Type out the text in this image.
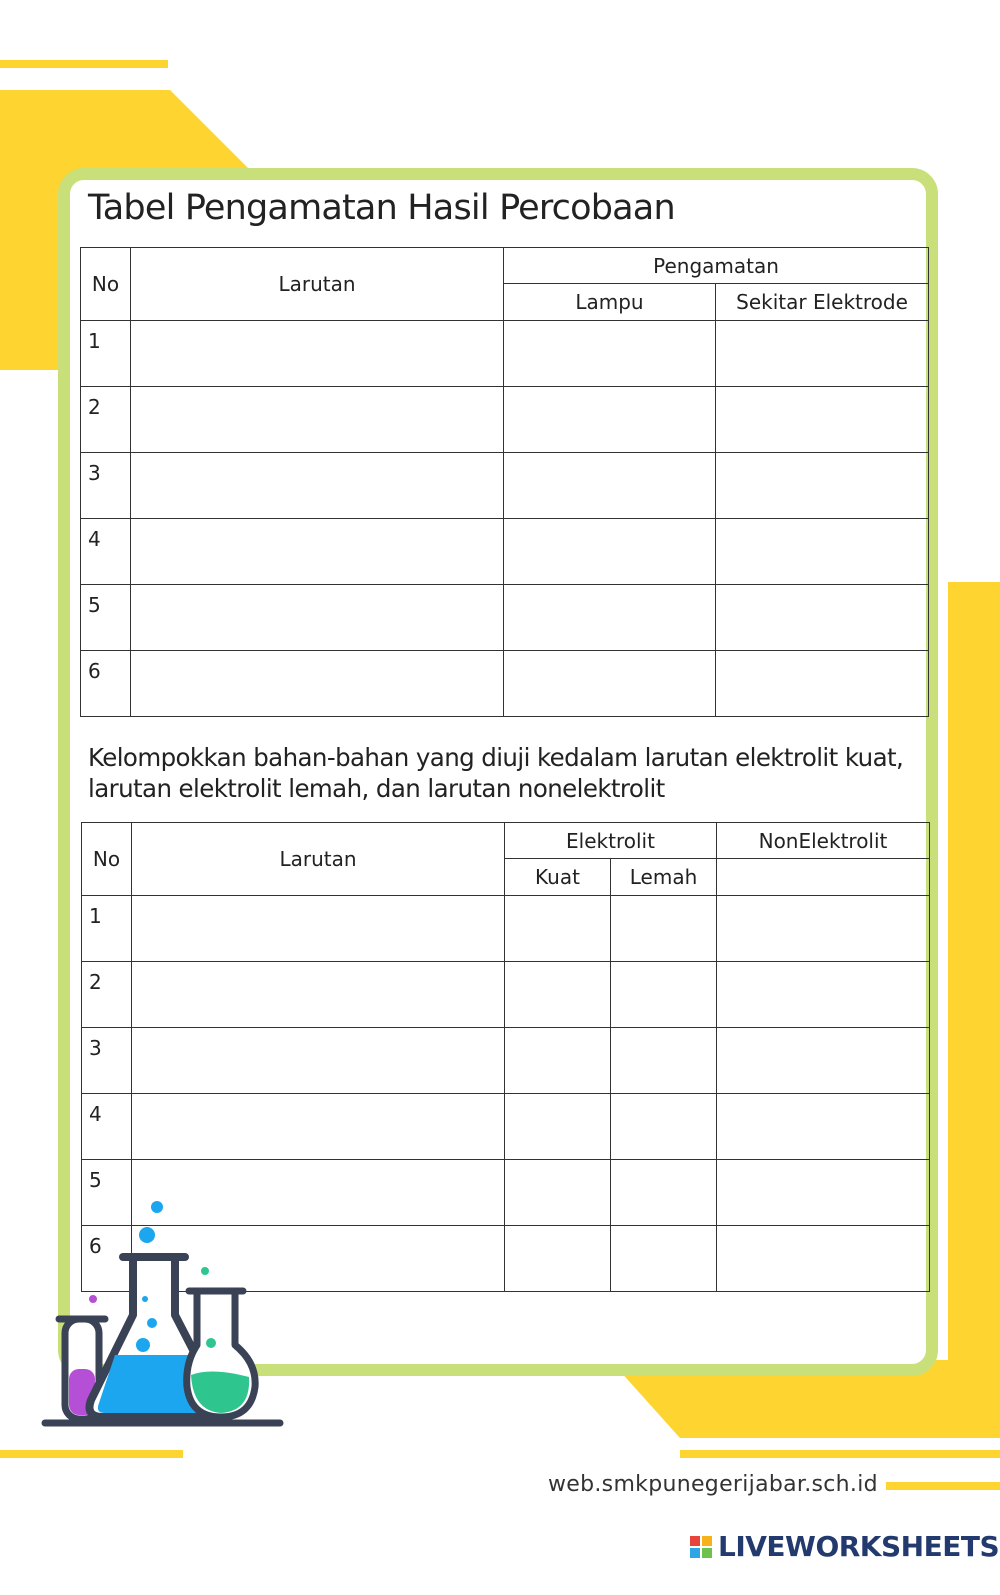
Tabel Pengamatan Hasil Percobaan
No	Larutan	Pengamatan	
		Lampu	Sekitar Elektrode
1			
2			
3			
4			
5			
6			
Kelompokkan bahan-bahan yang diuji kedalam larutan elektrolit kuat, larutan elektrolit lemah, dan larutan nonelektrolit
No	Larutan	Elektrolit		NonElektrolit
		Kuat	Lemah	
1				
2				
3				
4				
5				
6				
web.smkpunegerijabar.sch.id
LIVEWORKSHEETS
